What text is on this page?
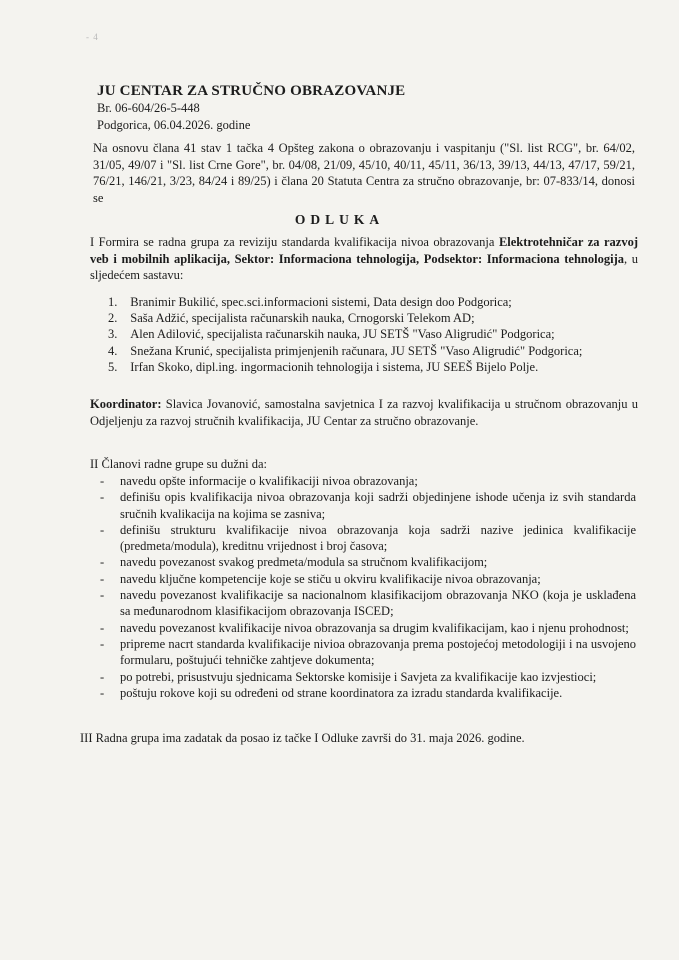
- 4

JU CENTAR ZA STRUČNO OBRAZOVANJE

Br. 06-604/26-5-448

Podgorica, 06.04.2026. godine

Na osnovu člana 41 stav 1 tačka 4 Opšteg zakona o obrazovanju i vaspitanju ("Sl. list RCG", br. 64/02, 31/05, 49/07 i "Sl. list Crne Gore", br. 04/08, 21/09, 45/10, 40/11, 45/11, 36/13, 39/13, 44/13, 47/17, 59/21, 76/21, 146/21, 3/23, 84/24 i 89/25) i člana 20 Statuta Centra za stručno obrazovanje, br: 07-833/14, donosi se

ODLUKA

I Formira se radna grupa za reviziju standarda kvalifikacija nivoa obrazovanja Elektrotehničar za razvoj veb i mobilnih aplikacija, Sektor: Informaciona tehnologija, Podsektor: Informaciona tehnologija, u sljedećem sastavu:

1.
	Branimir Bukilić, spec.sci.informacioni sistemi, Data design doo Podgorica;
2.
	Saša Adžić, specijalista računarskih nauka, Crnogorski Telekom AD;
3.
	Alen Adilović, specijalista računarskih nauka, JU SETŠ "Vaso Aligrudić" Podgorica;
4.
	Snežana Krunić, specijalista primjenjenih računara, JU SETŠ "Vaso Aligrudić" Podgorica;
5.
	Irfan Skoko, dipl.ing. ingormacionih tehnologija i sistema, JU SEEŠ Bijelo Polje.

Koordinator: Slavica Jovanović, samostalna savjetnica I za razvoj kvalifikacija u stručnom obrazovanju u Odjeljenju za razvoj stručnih kvalifikacija, JU Centar za stručno obrazovanje.

II Članovi radne grupe su dužni da:

-	navedu opšte informacije o kvalifikaciji nivoa obrazovanja;
-	definišu opis kvalifikacija nivoa obrazovanja koji sadrži objedinjene ishode učenja iz svih standarda sručnih kvalikacija na kojima se zasniva;
-	definišu strukturu kvalifikacije nivoa obrazovanja koja sadrži nazive jedinica kvalifikacije (predmeta/modula), kreditnu vrijednost i broj časova;
-	navedu povezanost svakog predmeta/modula sa stručnom kvalifikacijom;
-	navedu ključne kompetencije koje se stiču u okviru kvalifikacije nivoa obrazovanja;
-	navedu povezanost kvalifikacije sa nacionalnom klasifikacijom obrazovanja NKO (koja je usklađena sa međunarodnom klasifikacijom obrazovanja ISCED;
-	navedu povezanost kvalifikacije nivoa obrazovanja sa drugim kvalifikacijam, kao i njenu prohodnost;
-	pripreme nacrt standarda kvalifikacije nivioa obrazovanja prema postojećoj metodologiji i na usvojeno formularu, poštujući tehničke zahtjeve dokumenta;
-	po potrebi, prisustvuju sjednicama Sektorske komisije i Savjeta za kvalifikacije kao izvjestioci;
-	poštuju rokove koji su određeni od strane koordinatora za izradu standarda kvalifikacije.

III Radna grupa ima zadatak da posao iz tačke I Odluke završi do 31. maja 2026. godine.
